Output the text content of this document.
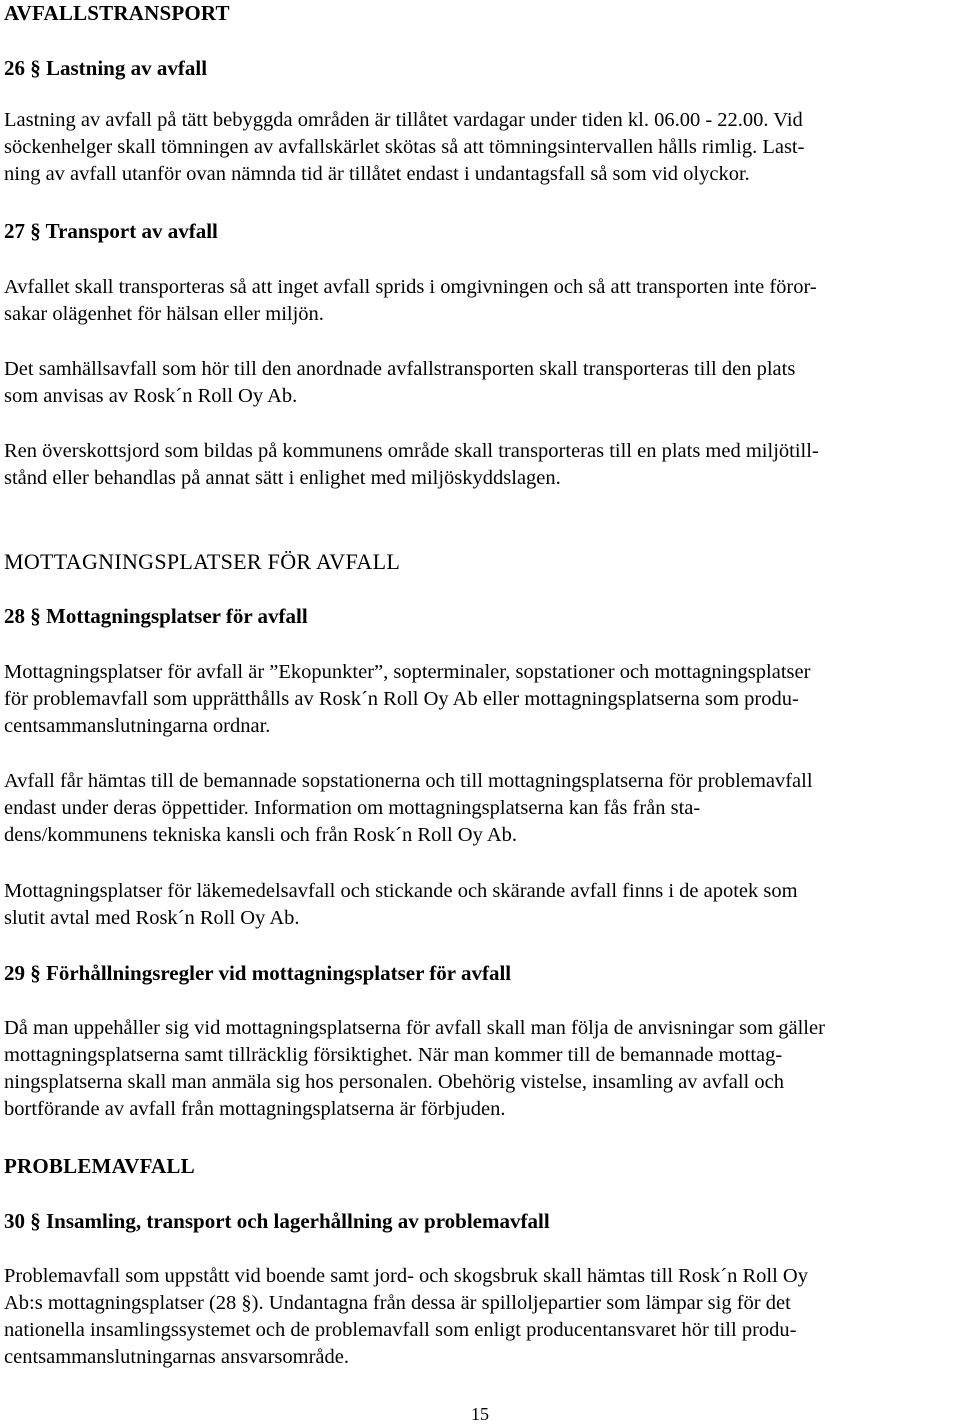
AVFALLSTRANSPORT
26 § Lastning av avfall
Lastning av avfall på tätt bebyggda områden är tillåtet vardagar under tiden kl. 06.00 - 22.00. Vid
söckenhelger skall tömningen av avfallskärlet skötas så att tömningsintervallen hålls rimlig. Last-
ning av avfall utanför ovan nämnda tid är tillåtet endast i undantagsfall så som vid olyckor.
27 § Transport av avfall
Avfallet skall transporteras så att inget avfall sprids i omgivningen och så att transporten inte föror-
sakar olägenhet för hälsan eller miljön.
Det samhällsavfall som hör till den anordnade avfallstransporten skall transporteras till den plats
som anvisas av Rosk´n Roll Oy Ab.
Ren överskottsjord som bildas på kommunens område skall transporteras till en plats med miljötill-
stånd eller behandlas på annat sätt i enlighet med miljöskyddslagen.
MOTTAGNINGSPLATSER FÖR AVFALL
28 § Mottagningsplatser för avfall
Mottagningsplatser för avfall är ”Ekopunkter”, sopterminaler, sopstationer och mottagningsplatser
för problemavfall som upprätthålls av Rosk´n Roll Oy Ab eller mottagningsplatserna som produ-
centsammanslutningarna ordnar.
Avfall får hämtas till de bemannade sopstationerna och till mottagningsplatserna för problemavfall
endast under deras öppettider. Information om mottagningsplatserna kan fås från sta-
dens/kommunens tekniska kansli och från Rosk´n Roll Oy Ab.
Mottagningsplatser för läkemedelsavfall och stickande och skärande avfall finns i de apotek som
slutit avtal med Rosk´n Roll Oy Ab.
29 § Förhållningsregler vid mottagningsplatser för avfall
Då man uppehåller sig vid mottagningsplatserna för avfall skall man följa de anvisningar som gäller
mottagningsplatserna samt tillräcklig försiktighet. När man kommer till de bemannade mottag-
ningsplatserna skall man anmäla sig hos personalen. Obehörig vistelse, insamling av avfall och
bortförande av avfall från mottagningsplatserna är förbjuden.
PROBLEMAVFALL
30 § Insamling, transport och lagerhållning av problemavfall
Problemavfall som uppstått vid boende samt jord- och skogsbruk skall hämtas till Rosk´n Roll Oy
Ab:s mottagningsplatser (28 §). Undantagna från dessa är spilloljepartier som lämpar sig för det
nationella insamlingssystemet och de problemavfall som enligt producentansvaret hör till produ-
centsammanslutningarnas ansvarsområde.
15
